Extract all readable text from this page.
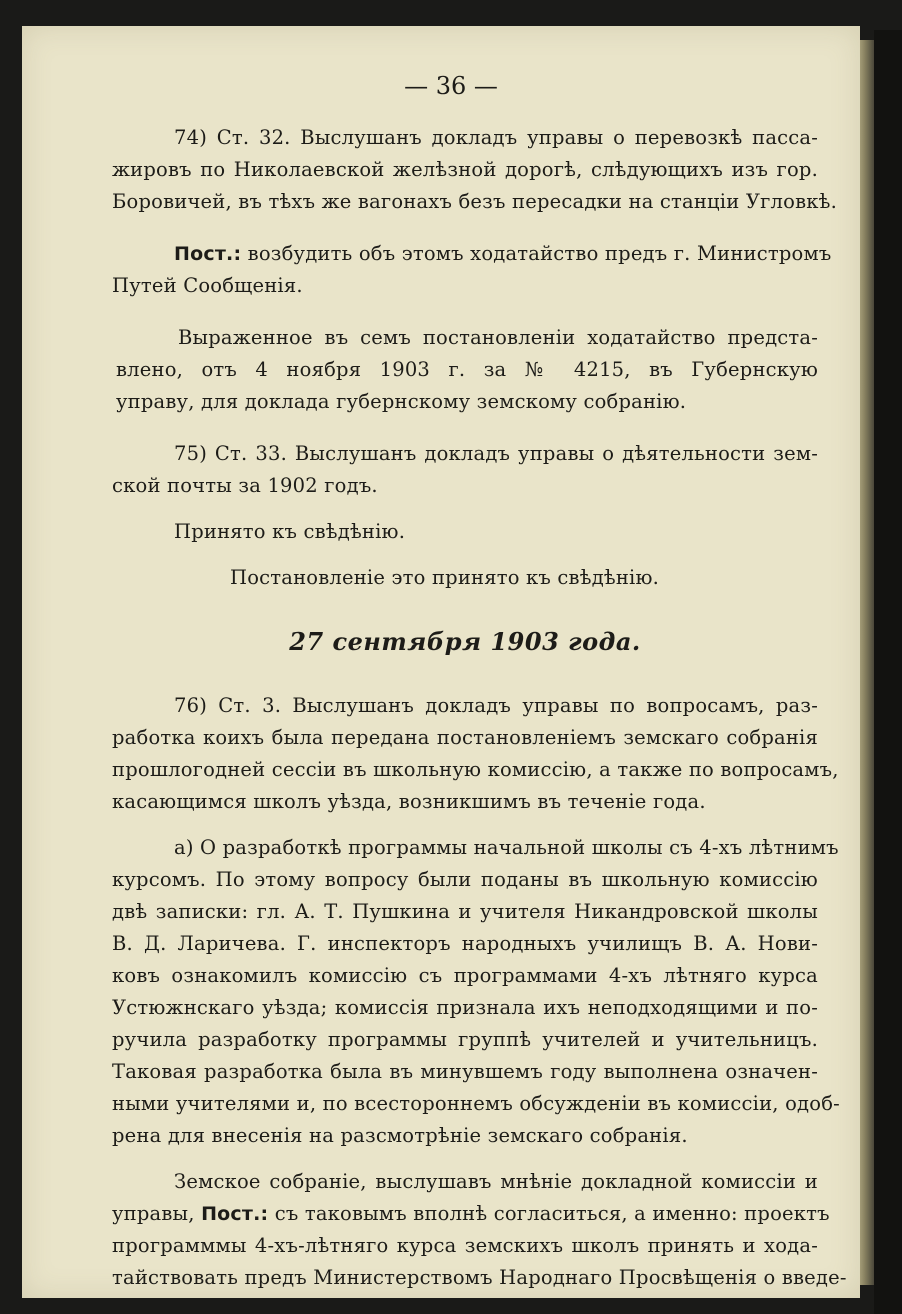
— 36 —
74) Ст. 32. Выслушанъ докладъ управы о перевозкѣ пасса-
жировъ по Николаевской желѣзной дорогѣ, слѣдующихъ изъ гор.
Боровичей, въ тѣхъ же вагонахъ безъ пересадки на станціи Угловкѣ.
Пост.: возбудить объ этомъ ходатайство предъ г. Министромъ
Путей Сообщенія.
Выраженное въ семъ постановленіи ходатайство предста-
влено, отъ 4 ноября 1903 г. за № 4215, въ Губернскую
управу, для доклада губернскому земскому собранію.
75) Ст. 33. Выслушанъ докладъ управы о дѣятельности зем-
ской почты за 1902 годъ.
Принято къ свѣдѣнію.
Постановленіе это принято къ свѣдѣнію.
27 сентября 1903 года.
76) Ст. 3. Выслушанъ докладъ управы по вопросамъ, раз-
работка коихъ была передана постановленіемъ земскаго собранія
прошлогодней сессіи въ школьную комиссію, а также по вопросамъ,
касающимся школъ уѣзда, возникшимъ въ теченіе года.
а) О разработкѣ программы начальной школы съ 4-хъ лѣтнимъ
курсомъ. По этому вопросу были поданы въ школьную комиссію
двѣ записки: гл. А. Т. Пушкина и учителя Никандровской школы
В. Д. Ларичева. Г. инспекторъ народныхъ училищъ В. А. Нови-
ковъ ознакомилъ комиссію съ программами 4-хъ лѣтняго курса
Устюжнскаго уѣзда; комиссія признала ихъ неподходящими и по-
ручила разработку программы группѣ учителей и учительницъ.
Таковая разработка была въ минувшемъ году выполнена означен-
ными учителями и, по всестороннемъ обсужденіи въ комиссіи, одоб-
рена для внесенія на разсмотрѣніе земскаго собранія.
Земское собраніе, выслушавъ мнѣніе докладной комиссіи и
управы, Пост.: съ таковымъ вполнѣ согласиться, а именно: проектъ
программмы 4-хъ-лѣтняго курса земскихъ школъ принять и хода-
тайствовать предъ Министерствомъ Народнаго Просвѣщенія о введе-
